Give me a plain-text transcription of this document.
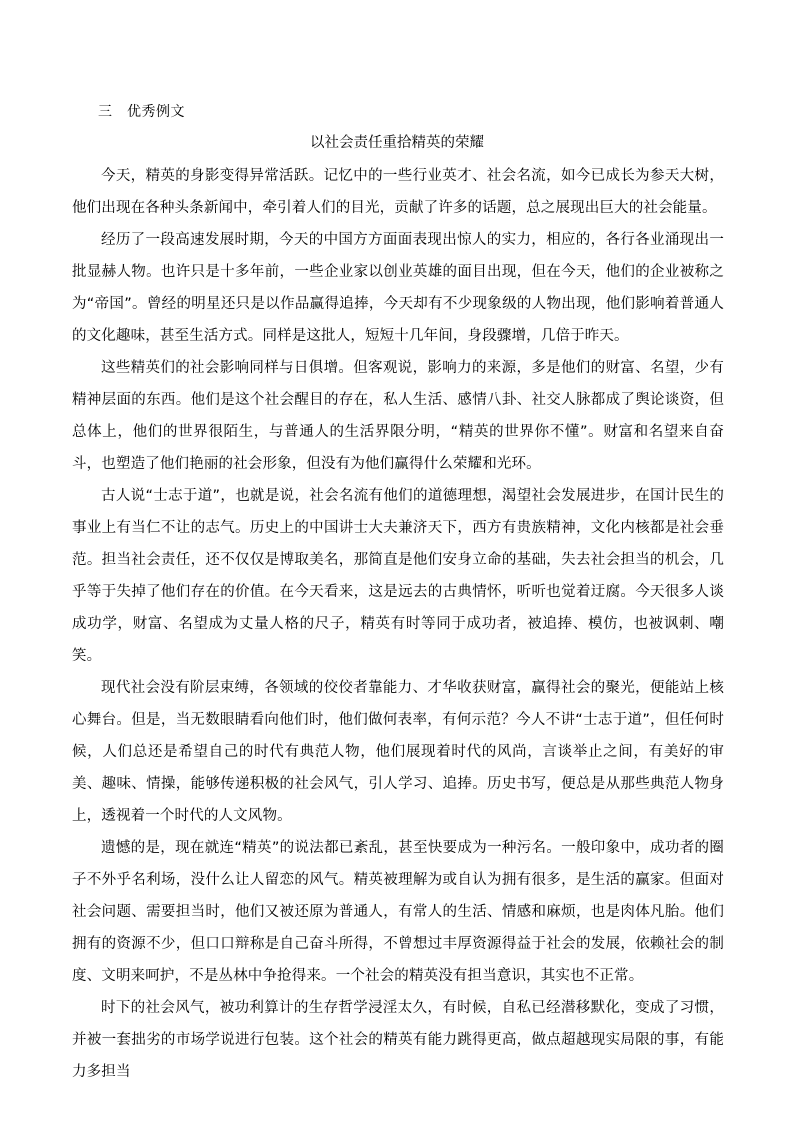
三　优秀例文
以社会责任重拾精英的荣耀

今天，精英的身影变得异常活跃。记忆中的一些行业英才、社会名流，如今已成长为参天大树，他们出现在各种头条新闻中，牵引着人们的目光，贡献了许多的话题，总之展现出巨大的社会能量。

经历了一段高速发展时期，今天的中国方方面面表现出惊人的实力，相应的，各行各业涌现出一批显赫人物。也许只是十多年前，一些企业家以创业英雄的面目出现，但在今天，他们的企业被称之为“帝国”。曾经的明星还只是以作品赢得追捧，今天却有不少现象级的人物出现，他们影响着普通人的文化趣味，甚至生活方式。同样是这批人，短短十几年间，身段骤增，几倍于昨天。

这些精英们的社会影响同样与日俱增。但客观说，影响力的来源，多是他们的财富、名望，少有精神层面的东西。他们是这个社会醒目的存在，私人生活、感情八卦、社交人脉都成了舆论谈资，但总体上，他们的世界很陌生，与普通人的生活界限分明，“精英的世界你不懂”。财富和名望来自奋斗，也塑造了他们艳丽的社会形象，但没有为他们赢得什么荣耀和光环。

古人说“士志于道”，也就是说，社会名流有他们的道德理想，渴望社会发展进步，在国计民生的事业上有当仁不让的志气。历史上的中国讲士大夫兼济天下，西方有贵族精神，文化内核都是社会垂范。担当社会责任，还不仅仅是博取美名，那简直是他们安身立命的基础，失去社会担当的机会，几乎等于失掉了他们存在的价值。在今天看来，这是远去的古典情怀，听听也觉着迂腐。今天很多人谈成功学，财富、名望成为丈量人格的尺子，精英有时等同于成功者，被追捧、模仿，也被讽刺、嘲笑。

现代社会没有阶层束缚，各领域的佼佼者靠能力、才华收获财富，赢得社会的聚光，便能站上核心舞台。但是，当无数眼睛看向他们时，他们做何表率，有何示范？今人不讲“士志于道”，但任何时候，人们总还是希望自己的时代有典范人物，他们展现着时代的风尚，言谈举止之间，有美好的审美、趣味、情操，能够传递积极的社会风气，引人学习、追捧。历史书写，便总是从那些典范人物身上，透视着一个时代的人文风物。

遗憾的是，现在就连“精英”的说法都已紊乱，甚至快要成为一种污名。一般印象中，成功者的圈子不外乎名利场，没什么让人留恋的风气。精英被理解为或自认为拥有很多，是生活的赢家。但面对社会问题、需要担当时，他们又被还原为普通人，有常人的生活、情感和麻烦，也是肉体凡胎。他们拥有的资源不少，但口口辩称是自己奋斗所得，不曾想过丰厚资源得益于社会的发展，依赖社会的制度、文明来呵护，不是丛林中争抢得来。一个社会的精英没有担当意识，其实也不正常。

时下的社会风气，被功利算计的生存哲学浸淫太久，有时候，自私已经潜移默化，变成了习惯，并被一套拙劣的市场学说进行包装。这个社会的精英有能力跳得更高，做点超越现实局限的事，有能力多担当
